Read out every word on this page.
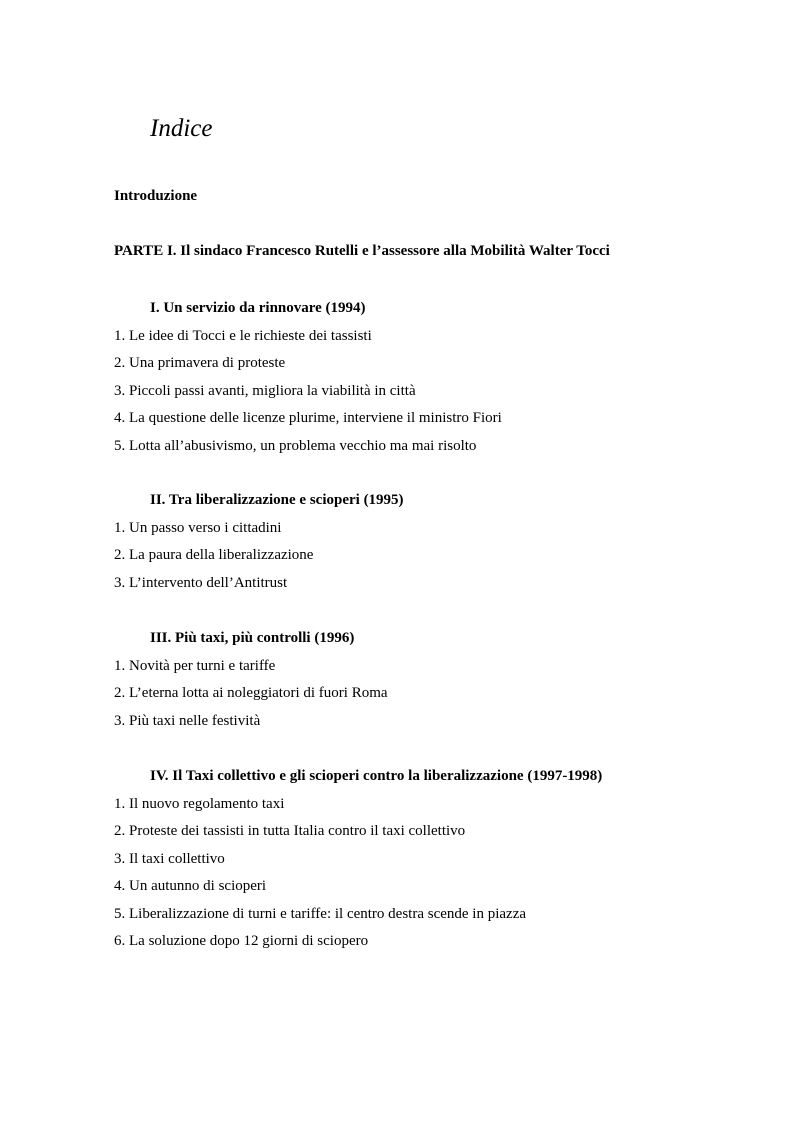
Indice
Introduzione
PARTE I. Il sindaco Francesco Rutelli e l’assessore alla Mobilità Walter Tocci
I. Un servizio da rinnovare (1994)
1. Le idee di Tocci e le richieste dei tassisti
2. Una primavera di proteste
3. Piccoli passi avanti, migliora la viabilità in città
4. La questione delle licenze plurime, interviene il ministro Fiori
5. Lotta all’abusivismo, un problema vecchio ma mai risolto
II. Tra liberalizzazione e scioperi (1995)
1. Un passo verso i cittadini
2. La paura della liberalizzazione
3. L’intervento dell’Antitrust
III. Più taxi, più controlli (1996)
1. Novità per turni e tariffe
2. L’eterna lotta ai noleggiatori di fuori Roma
3. Più taxi nelle festività
IV. Il Taxi collettivo e gli scioperi contro la liberalizzazione (1997-1998)
1. Il nuovo regolamento taxi
2. Proteste dei tassisti in tutta Italia contro il taxi collettivo
3. Il taxi collettivo
4. Un autunno di scioperi
5. Liberalizzazione di turni e tariffe: il centro destra scende in piazza
6. La soluzione dopo 12 giorni di sciopero
